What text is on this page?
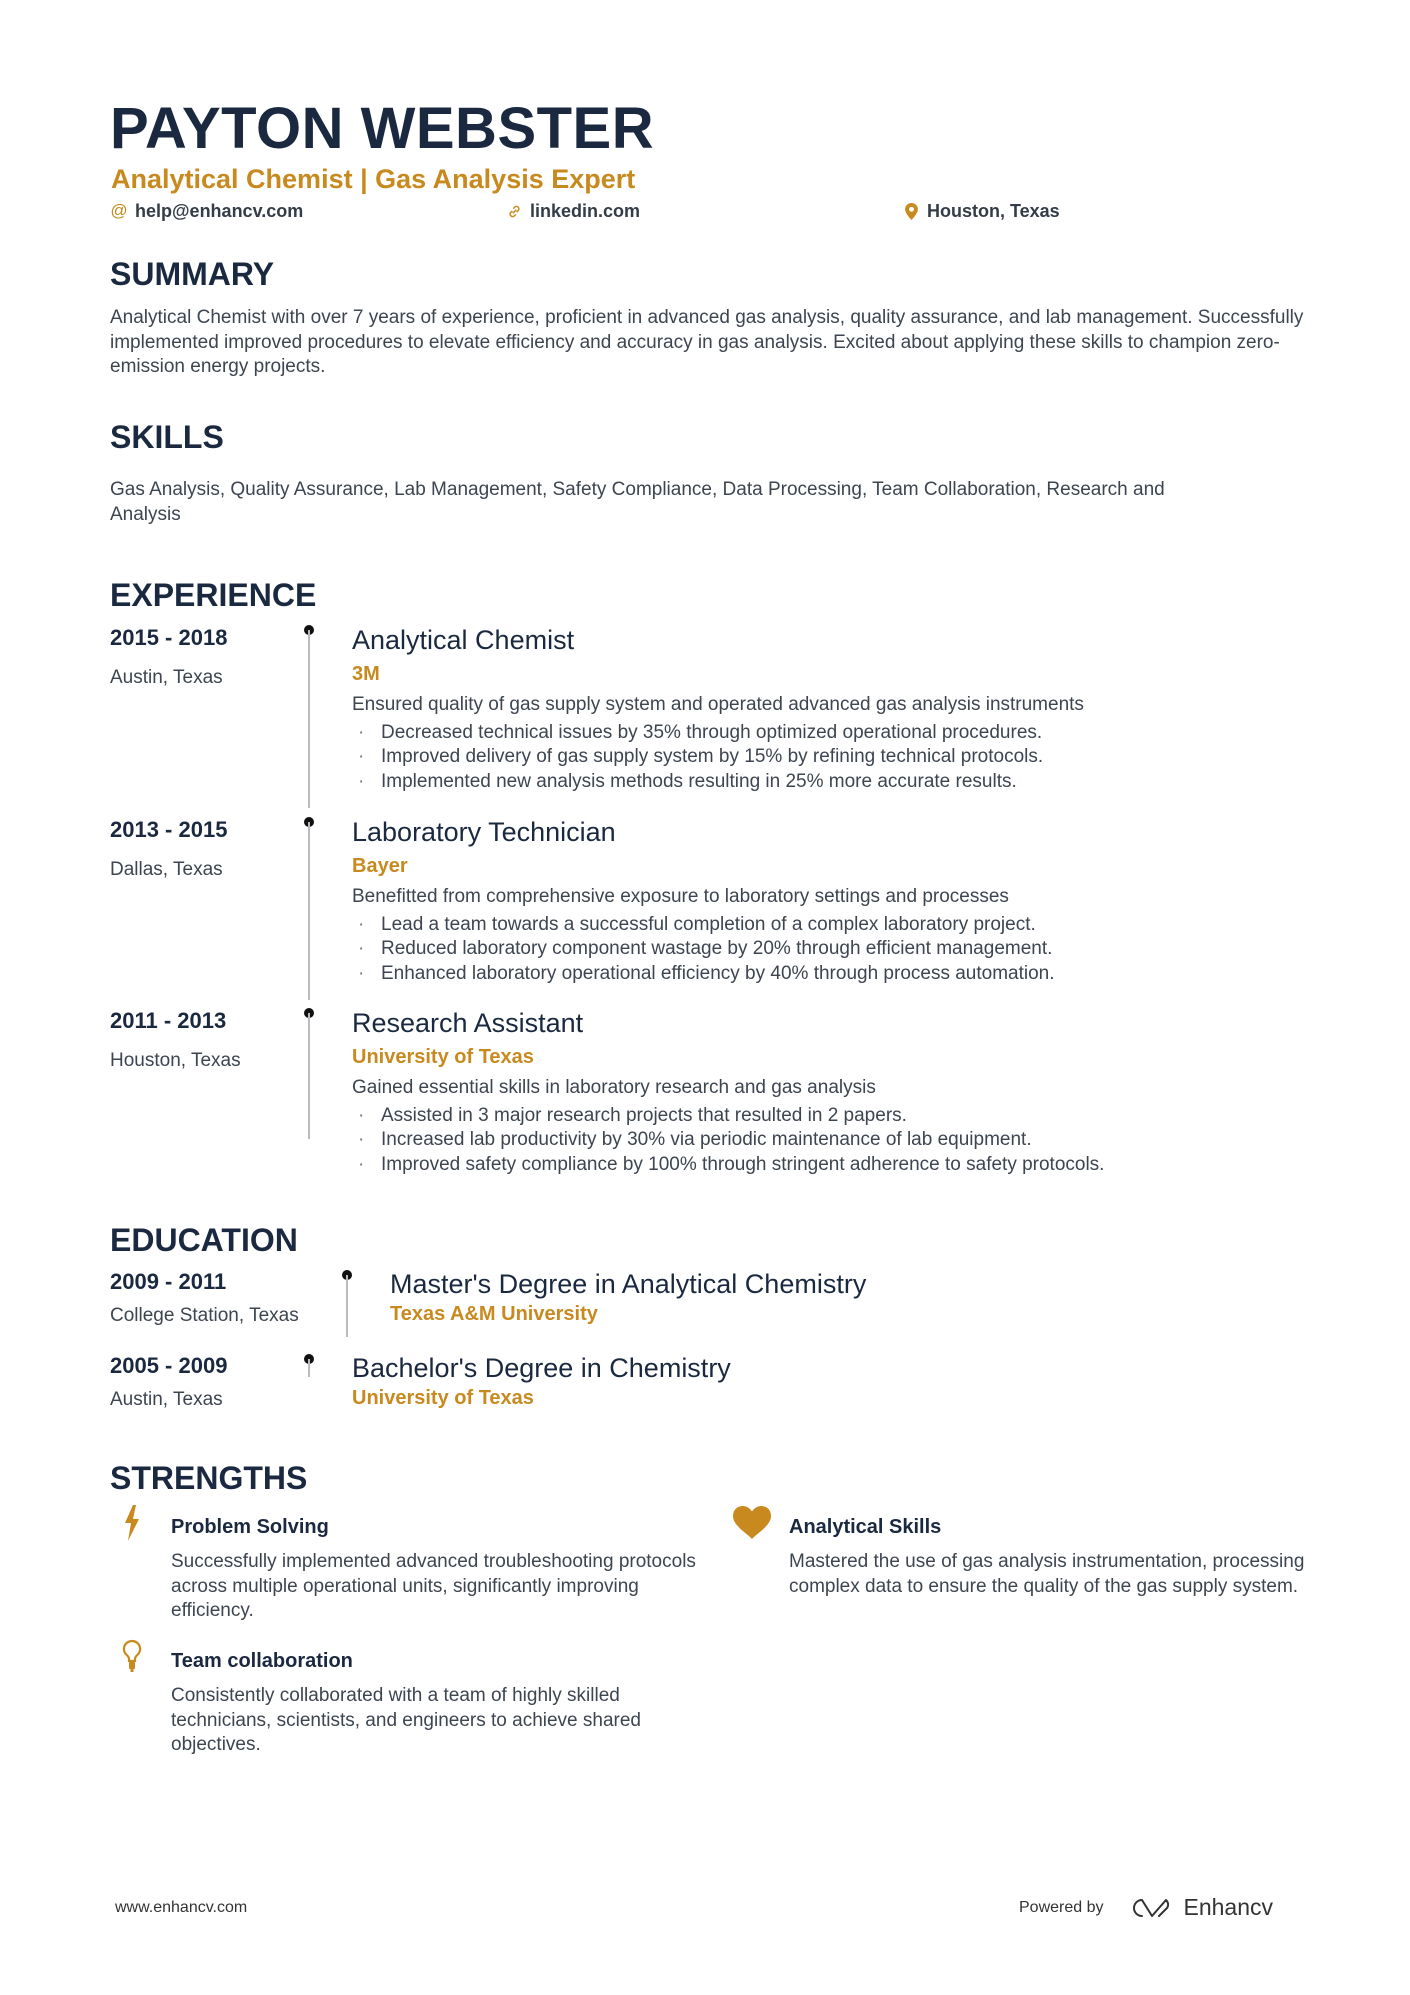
PAYTON WEBSTER
Analytical Chemist | Gas Analysis Expert
@ help@enhancv.com	linkedin.com	Houston, Texas
SUMMARY
Analytical Chemist with over 7 years of experience, proficient in advanced gas analysis, quality assurance, and lab management. Successfully implemented improved procedures to elevate efficiency and accuracy in gas analysis. Excited about applying these skills to champion zero-emission energy projects.
SKILLS
Gas Analysis, Quality Assurance, Lab Management, Safety Compliance, Data Processing, Team Collaboration, Research and Analysis
EXPERIENCE
2015 - 2018
Austin, Texas
Analytical Chemist
3M
Ensured quality of gas supply system and operated advanced gas analysis instruments
· Decreased technical issues by 35% through optimized operational procedures.
· Improved delivery of gas supply system by 15% by refining technical protocols.
· Implemented new analysis methods resulting in 25% more accurate results.
2013 - 2015
Dallas, Texas
Laboratory Technician
Bayer
Benefitted from comprehensive exposure to laboratory settings and processes
· Lead a team towards a successful completion of a complex laboratory project.
· Reduced laboratory component wastage by 20% through efficient management.
· Enhanced laboratory operational efficiency by 40% through process automation.
2011 - 2013
Houston, Texas
Research Assistant
University of Texas
Gained essential skills in laboratory research and gas analysis
· Assisted in 3 major research projects that resulted in 2 papers.
· Increased lab productivity by 30% via periodic maintenance of lab equipment.
· Improved safety compliance by 100% through stringent adherence to safety protocols.
EDUCATION
2009 - 2011
College Station, Texas
Master's Degree in Analytical Chemistry
Texas A&M University
2005 - 2009
Austin, Texas
Bachelor's Degree in Chemistry
University of Texas
STRENGTHS
Problem Solving
Successfully implemented advanced troubleshooting protocols across multiple operational units, significantly improving efficiency.
Analytical Skills
Mastered the use of gas analysis instrumentation, processing complex data to ensure the quality of the gas supply system.
Team collaboration
Consistently collaborated with a team of highly skilled technicians, scientists, and engineers to achieve shared objectives.
www.enhancv.com	Powered by	Enhancv
